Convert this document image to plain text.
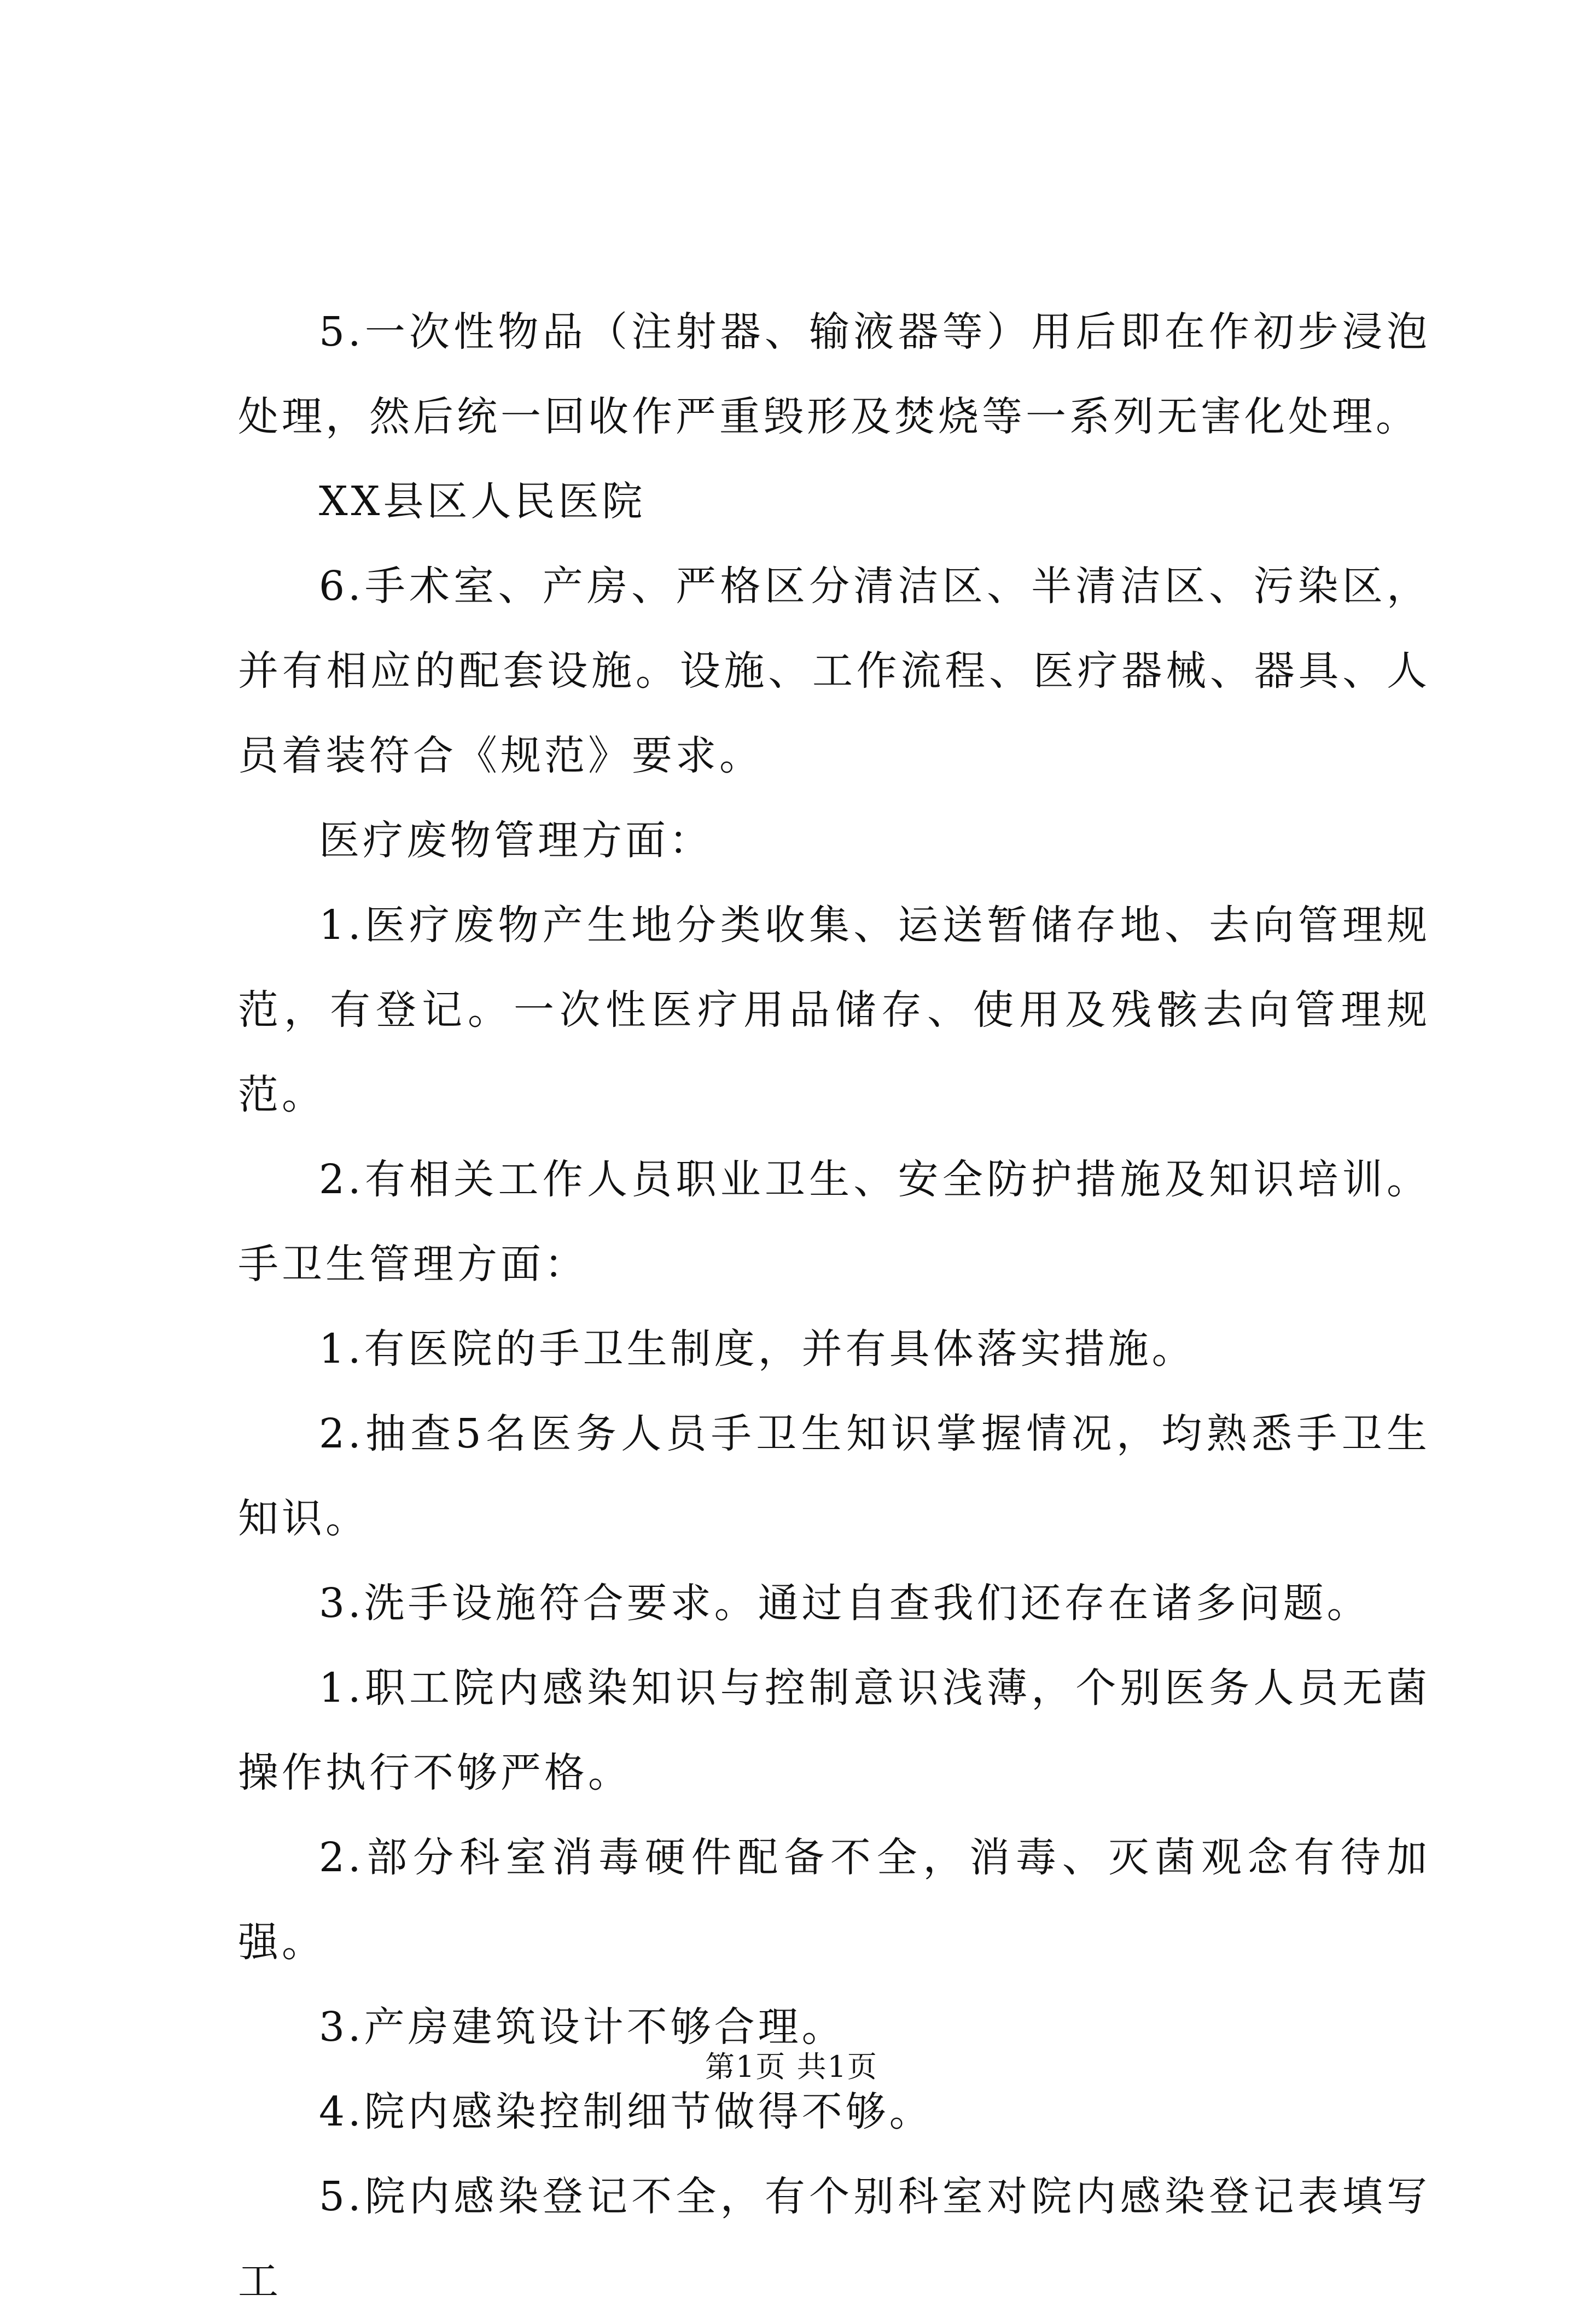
5.一次性物品（注射器、输液器等）用后即在作初步浸泡处理，然后统一回收作严重毁形及焚烧等一系列无害化处理。

XX县区人民医院

6.手术室、产房、严格区分清洁区、半清洁区、污染区，并有相应的配套设施。设施、工作流程、医疗器械、器具、人员着装符合《规范》要求。

医疗废物管理方面：

1.医疗废物产生地分类收集、运送暂储存地、去向管理规范，有登记。一次性医疗用品储存、使用及残骸去向管理规范。

2.有相关工作人员职业卫生、安全防护措施及知识培训。手卫生管理方面：

1.有医院的手卫生制度，并有具体落实措施。

2.抽查5名医务人员手卫生知识掌握情况，均熟悉手卫生知识。

3.洗手设施符合要求。通过自查我们还存在诸多问题。

1.职工院内感染知识与控制意识浅薄，个别医务人员无菌操作执行不够严格。

2.部分科室消毒硬件配备不全，消毒、灭菌观念有待加强。

3.产房建筑设计不够合理。

4.院内感染控制细节做得不够。

5.院内感染登记不全，有个别科室对院内感染登记表填写工

第1页 共1页
